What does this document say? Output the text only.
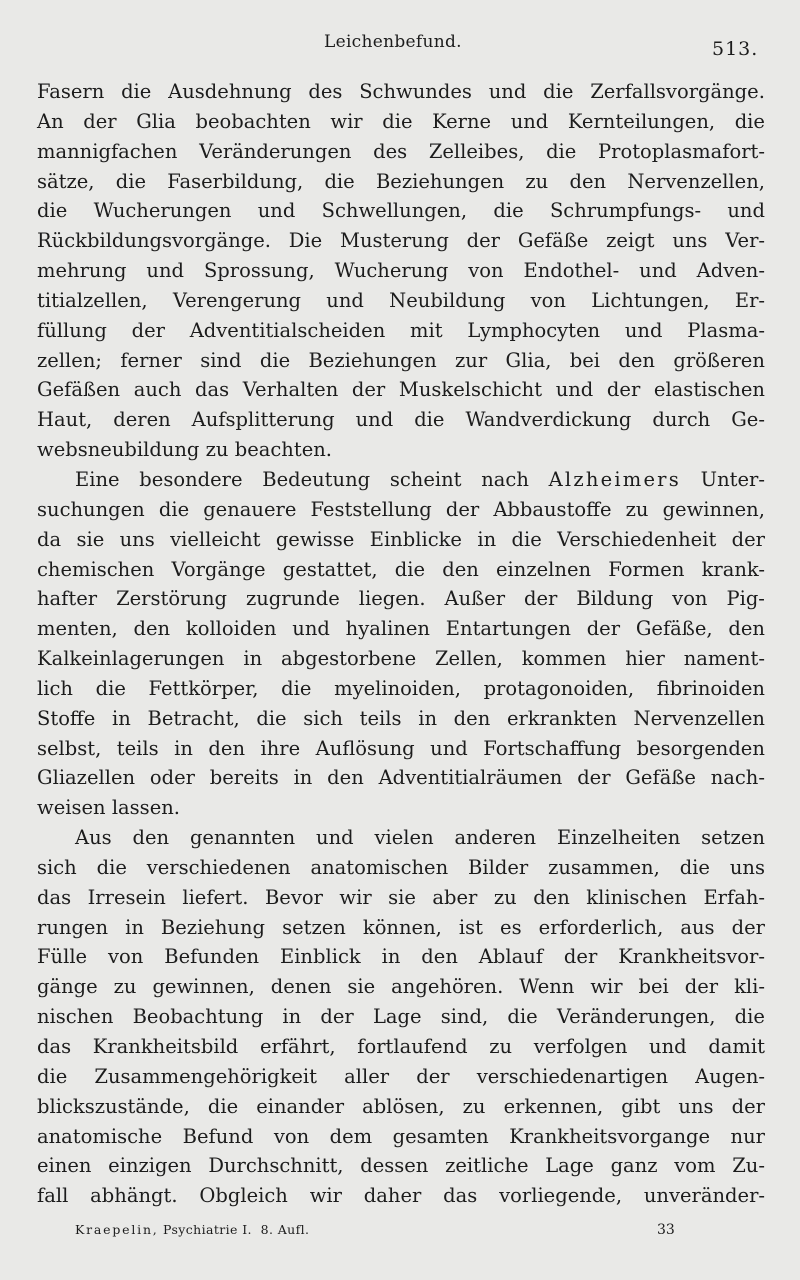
Leichenbefund.	513.
Fasern die Ausdehnung des Schwundes und die Zerfallsvorgänge.
An der Glia beobachten wir die Kerne und Kernteilungen, die
mannigfachen Veränderungen des Zelleibes, die Protoplasmafort-
sätze, die Faserbildung, die Beziehungen zu den Nervenzellen,
die Wucherungen und Schwellungen, die Schrumpfungs- und
Rückbildungsvorgänge. Die Musterung der Gefäße zeigt uns Ver-
mehrung und Sprossung, Wucherung von Endothel- und Adven-
titialzellen, Verengerung und Neubildung von Lichtungen, Er-
füllung der Adventitialscheiden mit Lymphocyten und Plasma-
zellen; ferner sind die Beziehungen zur Glia, bei den größeren
Gefäßen auch das Verhalten der Muskelschicht und der elastischen
Haut, deren Aufsplitterung und die Wandverdickung durch Ge-
websneubildung zu beachten.
Eine besondere Bedeutung scheint nach Alzheimers Unter-
suchungen die genauere Feststellung der Abbaustoffe zu gewinnen,
da sie uns vielleicht gewisse Einblicke in die Verschiedenheit der
chemischen Vorgänge gestattet, die den einzelnen Formen krank-
hafter Zerstörung zugrunde liegen. Außer der Bildung von Pig-
menten, den kolloiden und hyalinen Entartungen der Gefäße, den
Kalkeinlagerungen in abgestorbene Zellen, kommen hier nament-
lich die Fettkörper, die myelinoiden, protagonoiden, fibrinoiden
Stoffe in Betracht, die sich teils in den erkrankten Nervenzellen
selbst, teils in den ihre Auflösung und Fortschaffung besorgenden
Gliazellen oder bereits in den Adventitialräumen der Gefäße nach-
weisen lassen.
Aus den genannten und vielen anderen Einzelheiten setzen
sich die verschiedenen anatomischen Bilder zusammen, die uns
das Irresein liefert. Bevor wir sie aber zu den klinischen Erfah-
rungen in Beziehung setzen können, ist es erforderlich, aus der
Fülle von Befunden Einblick in den Ablauf der Krankheitsvor-
gänge zu gewinnen, denen sie angehören. Wenn wir bei der kli-
nischen Beobachtung in der Lage sind, die Veränderungen, die
das Krankheitsbild erfährt, fortlaufend zu verfolgen und damit
die Zusammengehörigkeit aller der verschiedenartigen Augen-
blickszustände, die einander ablösen, zu erkennen, gibt uns der
anatomische Befund von dem gesamten Krankheitsvorgange nur
einen einzigen Durchschnitt, dessen zeitliche Lage ganz vom Zu-
fall abhängt. Obgleich wir daher das vorliegende, unveränder-
Kraepelin, Psychiatrie I.  8. Aufl.	33
